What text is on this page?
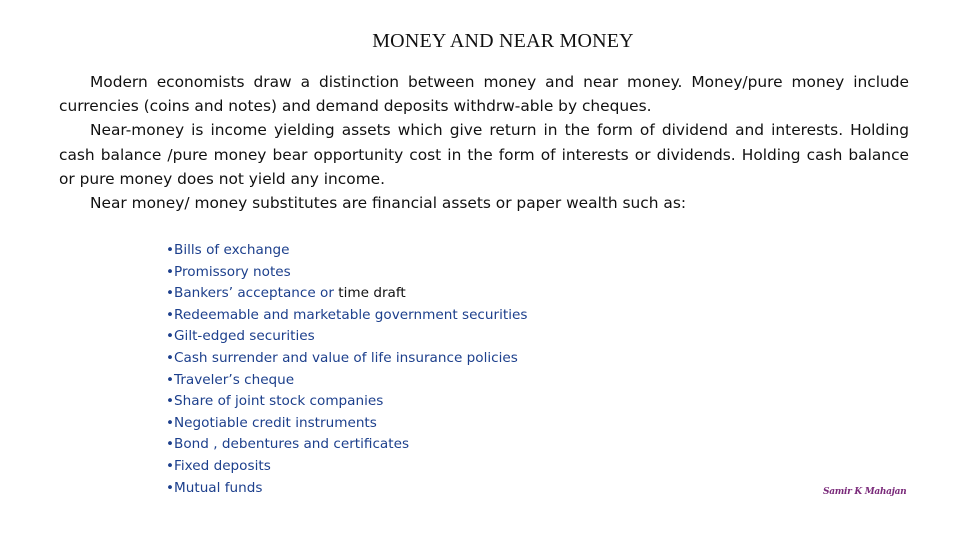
MONEY AND NEAR MONEY

Modern economists draw a distinction between money and near money. Money/pure money include currencies (coins and notes) and demand deposits withdrw-able by cheques.

Near-money is income yielding assets which give return in the form of dividend and interests. Holding cash balance /pure money bear opportunity cost in the form of interests or dividends. Holding cash balance or pure money does not yield any income.

Near money/ money substitutes are financial assets or paper wealth such as:

•Bills of exchange
•Promissory notes
•Bankers’ acceptance or time draft
•Redeemable and marketable government securities
•Gilt-edged securities
•Cash surrender and value of life insurance policies
•Traveler’s cheque
•Share of joint stock companies
•Negotiable credit instruments
•Bond , debentures and certificates
•Fixed deposits
•Mutual funds	Samir K Mahajan
